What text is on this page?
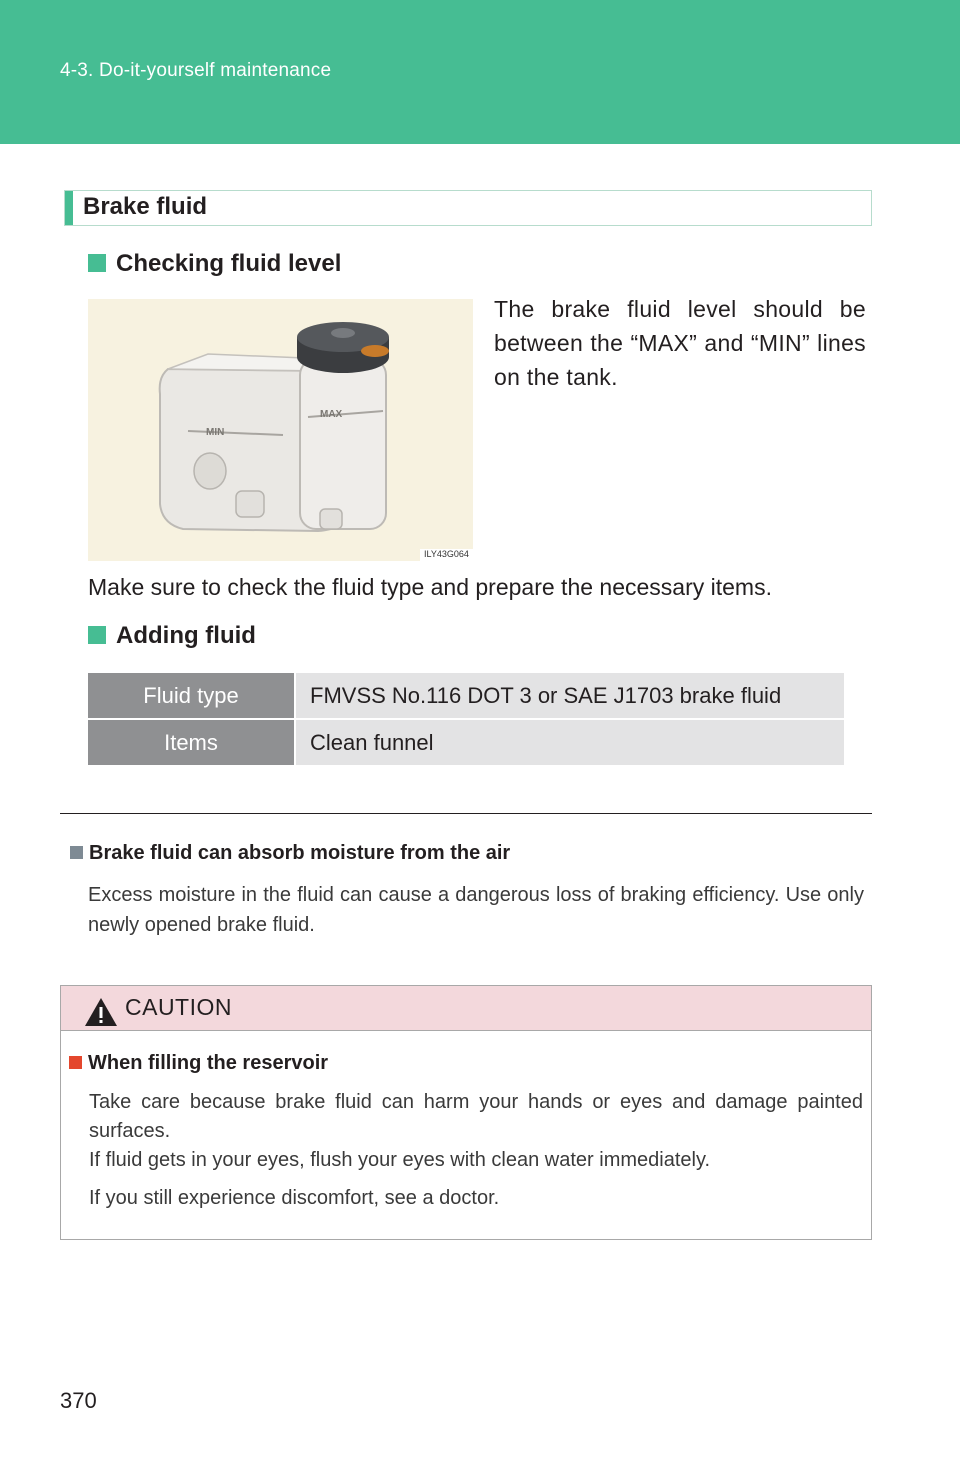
4-3. Do-it-yourself maintenance
Brake fluid
Checking fluid level
MAX
MIN
ILY43G064
The brake fluid level should be between the “MAX” and “MIN” lines on the tank.
Make sure to check the fluid type and prepare the necessary items.
Adding fluid
Fluid type	FMVSS No.116 DOT 3 or SAE J1703 brake fluid
Items	Clean funnel
Brake fluid can absorb moisture from the air
Excess moisture in the fluid can cause a dangerous loss of braking efficiency. Use only newly opened brake fluid.
CAUTION
When filling the reservoir
Take care because brake fluid can harm your hands or eyes and damage painted surfaces.
If fluid gets in your eyes, flush your eyes with clean water immediately.
If you still experience discomfort, see a doctor.
370
